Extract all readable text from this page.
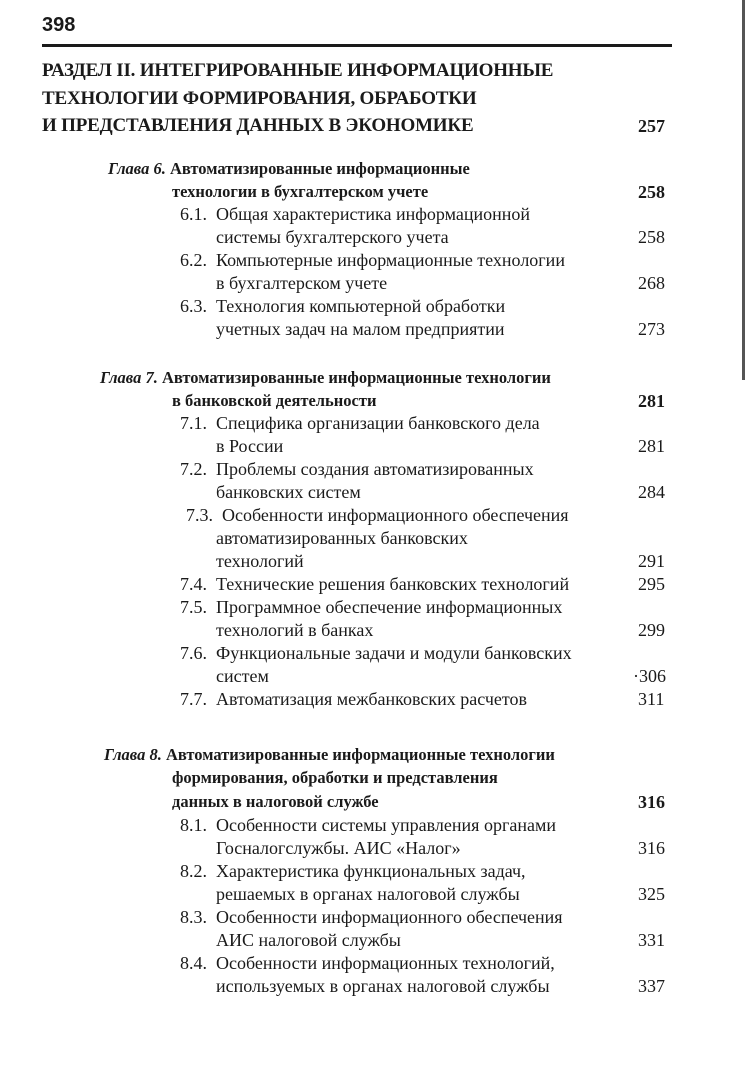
398
РАЗДЕЛ II. ИНТЕГРИРОВАННЫЕ ИНФОРМАЦИОННЫЕ
ТЕХНОЛОГИИ ФОРМИРОВАНИЯ, ОБРАБОТКИ
И ПРЕДСТАВЛЕНИЯ ДАННЫХ В ЭКОНОМИКЕ	257
Глава 6. Автоматизированные информационные
технологии в бухгалтерском учете	258
6.1. Общая характеристика информационной
системы бухгалтерского учета	258
6.2. Компьютерные информационные технологии
в бухгалтерском учете	268
6.3. Технология компьютерной обработки
учетных задач на малом предприятии	273
Глава 7. Автоматизированные информационные технологии
в банковской деятельности	281
7.1. Специфика организации банковского дела
в России	281
7.2. Проблемы создания автоматизированных
банковских систем	284
7.3. Особенности информационного обеспечения
автоматизированных банковских
технологий	291
7.4. Технические решения банковских технологий	295
7.5. Программное обеспечение информационных
технологий в банках	299
7.6. Функциональные задачи и модули банковских
систем	·306
7.7. Автоматизация межбанковских расчетов	311
Глава 8. Автоматизированные информационные технологии
формирования, обработки и представления
данных в налоговой службе	316
8.1. Особенности системы управления органами
Госналогслужбы. АИС «Налог»	316
8.2. Характеристика функциональных задач,
решаемых в органах налоговой службы	325
8.3. Особенности информационного обеспечения
АИС налоговой службы	331
8.4. Особенности информационных технологий,
используемых в органах налоговой службы	337
